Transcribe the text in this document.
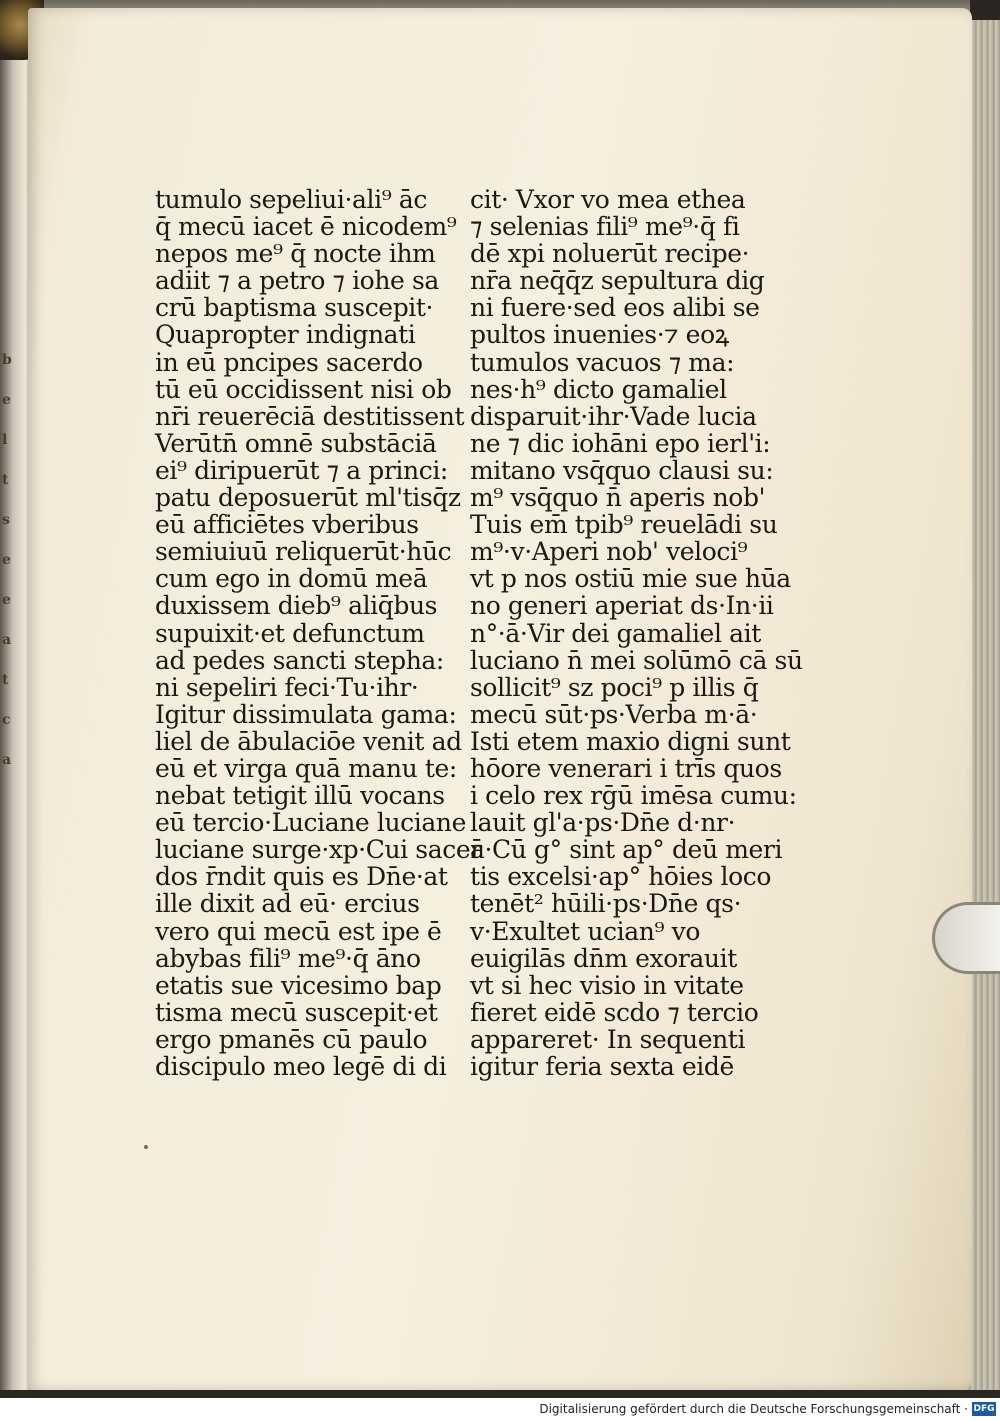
b
e
l
t
s
e
e
a
t
c
a
tumulo sepeliui·ali⁹ āc
q̄ mecū iacet ē nicodem⁹
nepos me⁹ q̄ nocte ihm
adiit ⁊ a petro ⁊ iohe sa
crū baptisma suscepit·
Quapropter indignati
in eū pncipes sacerdo
tū eū occidissent nisi ob
nr̄i reuerēciā destitissent
Verūtn̄ omnē substāciā
ei⁹ diripuerūt ⁊ a princi:
patu deposuerūt ml'tisq̄z
eū afficiētes vberibus
semiuiuū reliquerūt·hūc
cum ego in domū meā
duxissem dieb⁹ aliq̄bus
supuixit·et defunctum
ad pedes sancti stepha:
ni sepeliri feci·Tu·ihr·
Igitur dissimulata gama:
liel de ābulaciōe venit ad
eū et virga quā manu te:
nebat tetigit illū vocans
eū tercio·Luciane luciane
luciane surge·xp·Cui sacer
dos r̄ndit quis es Dn̄e·at
ille dixit ad eū· ercius
vero qui mecū est ipe ē
abybas fili⁹ me⁹·q̄ āno
etatis sue vicesimo bap
tisma mecū suscepit·et
ergo pmanēs cū paulo
discipulo meo legē di di
cit· Vxor vo mea ethea
⁊ selenias fili⁹ me⁹·q̄ fi
dē xpi noluerūt recipe·
nr̄a neq̄q̄z sepultura dig
ni fuere·sed eos alibi se
pultos inuenies·⁊ eoꝝ
tumulos vacuos ⁊ ma:
nes·h⁹ dicto gamaliel
disparuit·ihr·Vade lucia
ne ⁊ dic iohāni epo ierl'i:
mitano vsq̄quo clausi su:
m⁹ vsq̄quo n̄ aperis nob'
Tuis em̄ tpib⁹ reuelādi su
m⁹·v·Aperi nob' veloci⁹
vt p nos ostiū mie sue hūa
no generi aperiat ds·In·ii
n°·ā·Vir dei gamaliel ait
luciano n̄ mei solūmō cā sū
sollicit⁹ sz poci⁹ p illis q̄
mecū sūt·ps·Verba m·ā·
Isti etem maxio digni sunt
hōore venerari i trīs quos
i celo rex rḡū imēsa cumu:
lauit gl'a·ps·Dn̄e d·nr·
ā·Cū g° sint ap° deū meri
tis excelsi·ap° hōies loco
tenēt² hūili·ps·Dn̄e qs·
v·Exultet ucian⁹ vo
euigilās dn̄m exorauit
vt si hec visio in vitate
fieret eidē scdo ⁊ tercio
appareret· In sequenti
igitur feria sexta eidē
Digitalisierung gefördert durch die Deutsche Forschungsgemeinschaft · DFG
